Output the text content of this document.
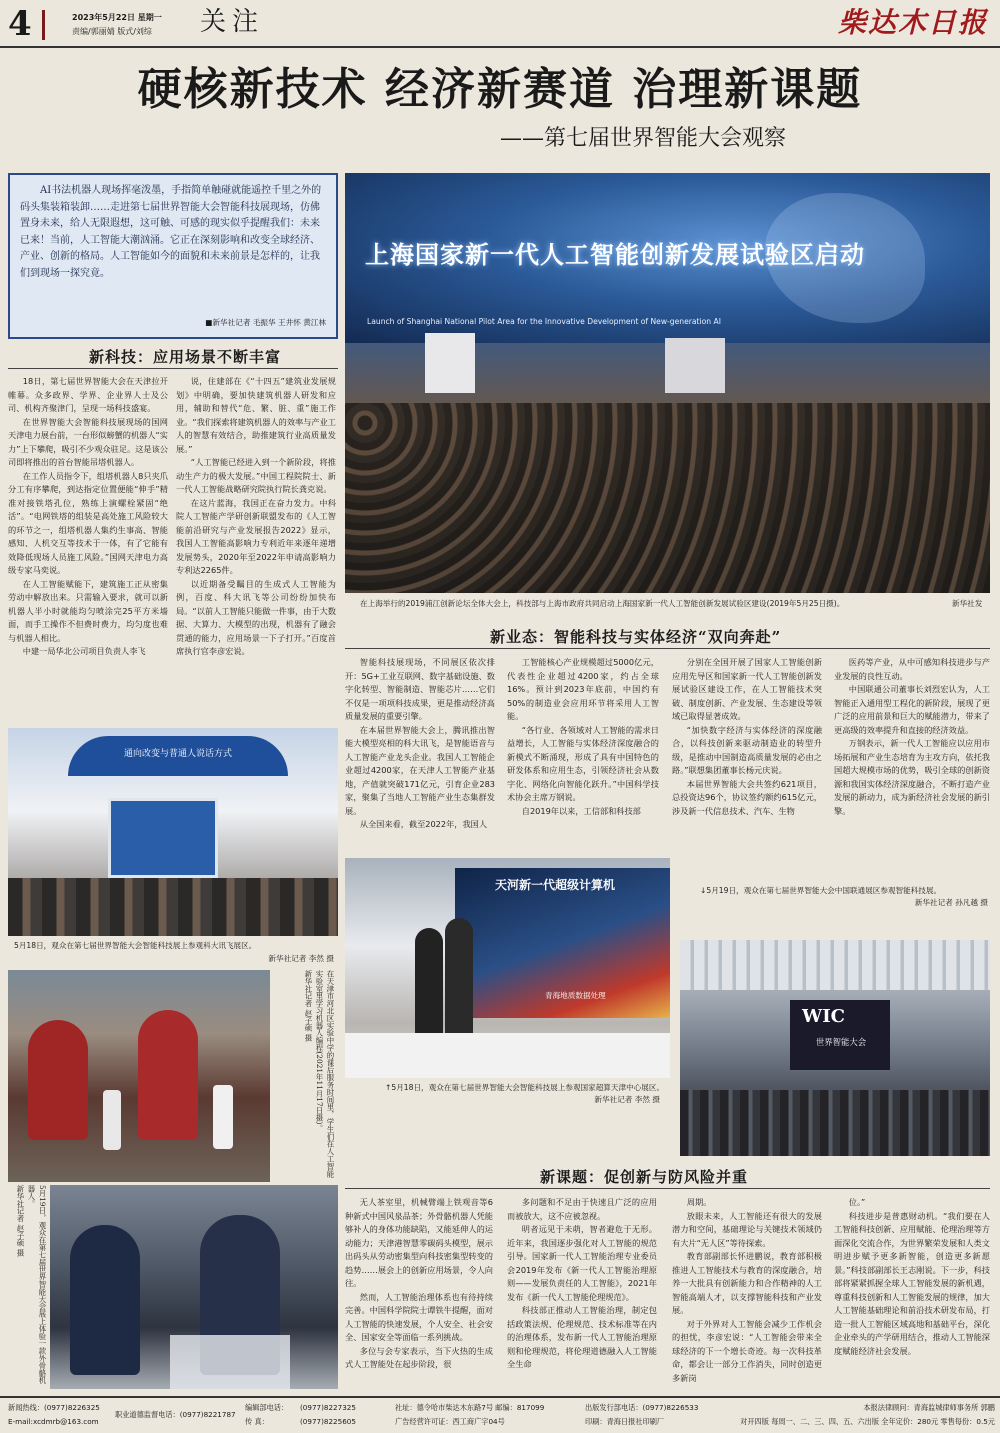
4	2023年5月22日 星期一
责编/郭丽婧 版式/刘综 关注	柴达木日报
硬核新技术 经济新赛道 治理新课题
——第七届世界智能大会观察
AI书法机器人现场挥毫泼墨，手指简单触碰就能遥控千里之外的码头集装箱装卸……走进第七届世界智能大会智能科技展现场，仿佛置身未来，给人无限遐想，这可触、可感的现实似乎提醒我们：未来已来！当前，人工智能大潮汹涌。它正在深刻影响和改变全球经济、产业、创新的格局。人工智能如今的面貌和未来前景是怎样的，让我们到现场一探究竟。
■新华社记者 毛振华 王井怀 黄江林
上海国家新一代人工智能创新发展试验区启动
Launch of Shanghai National Pilot Area for the Innovative Development of New-generation AI
在上海举行的2019浦江创新论坛全体大会上，科技部与上海市政府共同启动上海国家新一代人工智能创新发展试验区建设(2019年5月25日摄)。	新华社发
新科技：应用场景不断丰富

18日，第七届世界智能大会在天津拉开帷幕。众多政界、学界、企业界人士及公司、机构齐聚津门，呈现一场科技盛宴。

在世界智能大会智能科技展现场的国网天津电力展台前，一台形似螃蟹的机器人“实力”上下攀爬，吸引不少观众驻足。这是该公司即将推出的首台智能吊塔机器人。

在工作人员指令下，组塔机器人8只夹爪分工有序攀爬，到达指定位置便能“伸手”精准对接铁塔孔位，熟练上演螺栓紧固“绝活”。“电网铁塔的组装是高处施工风险较大的环节之一，组塔机器人集约生事高、智能感知、人机交互等技术于一体，有了它能有效降低现场人员施工风险。”国网天津电力高级专家马奕说。

在人工智能赋能下，建筑施工正从密集劳动中解放出来。只需输入要求，就可以新机器人半小时就能均匀喷涂完25平方米墙面，而手工操作不但费时费力，均匀度也难与机器人相比。

中建一局华北公司项目负责人李飞

说，住建部在《“十四五”建筑业发展规划》中明确，要加快建筑机器人研发和应用，辅助和替代“危、繁、脏、重”施工作业。“我们探索将建筑机器人的效率与产业工人的智慧有效结合，助推建筑行业高质量发展。”

“人工智能已经进入到一个新阶段，将推动生产力的极大发展。”中国工程院院士、新一代人工智能战略研究院执行院长龚克说。

在这片蓝海，我国正在奋力发力。中科院人工智能产学研创新联盟发布的《人工智能前沿研究与产业发展报告2022》显示，我国人工智能高影响力专利近年来逐年递增发展势头，2020年至2022年申请高影响力专利达2265件。

以近期备受瞩目的生成式人工智能为例，百度、科大讯飞等公司纷纷加快布局。“以前人工智能只能做一件事，由于大数据、大算力、大模型的出现，机器有了融会贯通的能力，应用场景一下子打开。”百度首席执行官李彦宏说。

通向改变与普通人说话方式
5月18日，观众在第七届世界智能大会智能科技展上参观科大讯飞展区。
新华社记者 李然 摄
在天津市河北区实验中学的课后服务时间里，学生们在人工智能实验室里学习机器人编程(2021年11月17日摄)。
新华社记者 赵子硕 摄
5月19日，观众在第七届世界智能大会展上体验一款外骨骼机器人。
新华社记者 赵子硕 摄
新业态：智能科技与实体经济“双向奔赴”

智能科技展现场，不同展区依次排开：5G+工业互联网、数字基础设施、数字化转型、智能制造、智能芯片……它们不仅是一项项科技成果，更是推动经济高质量发展的重要引擎。

在本届世界智能大会上，腾讯推出智能大模型亮相的科大讯飞，是智能语音与人工智能产业龙头企业。我国人工智能企业超过4200家，在天津人工智能产业基地，产值就突破171亿元，引育企业283家，聚集了当地人工智能产业生态集群发展。

从全国来看，截至2022年，我国人

工智能核心产业规模超过5000亿元，代表性企业超过4200家，约占全球16%。预计到2023年底前，中国约有50%的制造业会应用环节将采用人工智能。

“各行业、各领域对人工智能的需求日益增长，人工智能与实体经济深度融合的新模式不断涌现，形成了具有中国特色的研发体系和应用生态，引领经济社会从数字化、网络化向智能化跃升。”中国科学技术协会主席万钢说。

自2019年以来，工信部和科技部

分别在全国开展了国家人工智能创新应用先导区和国家新一代人工智能创新发展试验区建设工作，在人工智能技术突破、制度创新、产业发展、生态建设等领域已取得显著成效。

“加快数字经济与实体经济的深度融合，以科技创新来驱动制造业的转型升级，是推动中国制造高质量发展的必由之路。”联想集团董事长杨元庆说。

本届世界智能大会共签约621项目，总投资达96个，协议签约额约615亿元，涉及新一代信息技术、汽车、生物

医药等产业，从中可感知科技进步与产业发展的良性互动。

中国联通公司董事长刘烈宏认为，人工智能正入通用型工程化的新阶段，展现了更广泛的应用前景和巨大的赋能潜力，带来了更高级的效率提升和直接的经济效益。

万钢表示，新一代人工智能应以应用市场拓展和产业生态培育为主攻方向，依托我国超大规模市场的优势，吸引全球的创新资源和我国实体经济深度融合，不断打造产业发展的新动力，成为新经济社会发展的新引擎。

天河新一代超级计算机
青海地质数据处理
↑5月18日，观众在第七届世界智能大会智能科技展上参观国家超算天津中心展区。
新华社记者 李然 摄
↓5月19日，观众在第七届世界智能大会中国联通展区参观智能科技展。
新华社记者 孙凡越 摄
WIC
世界智能大会
新课题：促创新与防风险并重

无人茶室里，机械臂端上铁观音等6种新式中国风泉品茶；外骨骼机器人凭能够补人的身体功能缺陷，又能延伸人的运动能力；天津港智慧零碳码头模型，展示出码头从劳动密集型向科技密集型转变的趋势……展会上的创新应用场景，令人向往。

然而，人工智能治理体系也有待持续完善。中国科学院院士谭铁牛提醒，面对人工智能的快速发展，个人安全、社会安全、国家安全等面临一系列挑战。

多位与会专家表示，当下火热的生成式人工智能处在起步阶段，很

多问题和不足由于快速且广泛的应用而被放大，这不应被忽视。

明者远见于未萌，智者避危于无形。近年来，我国逐步强化对人工智能的规范引导。国家新一代人工智能治理专业委员会2019年发布《新一代人工智能治理原则——发展负责任的人工智能》，2021年发布《新一代人工智能伦理规范》。

科技部正推动人工智能治理，制定包括政策法规、伦理规范、技术标准等在内的治理体系，发布新一代人工智能治理原则和伦理规范，将伦理道德融入人工智能全生命

周期。

放眼未来，人工智能还有很大的发展潜力和空间，基础理论与关键技术领域仍有大片“无人区”等待探索。

教育部副部长怀进鹏说，教育部积极推进人工智能技术与教育的深度融合，培养一大批具有创新能力和合作精神的人工智能高端人才，以支撑智能科技和产业发展。

对于外界对人工智能会减少工作机会的担忧，李彦宏说：“人工智能会带来全球经济的下一个增长奇迹。每一次科技革命，都会让一部分工作消失，同时创造更多新岗

位。”

科技进步是普惠财动机。“我们要在人工智能科技创新、应用赋能、伦理治理等方面深化交流合作，为世界繁荣发展和人类文明进步赋予更多新智能，创造更多新愿景。”科技部副部长王志刚说。下一步，科技部将紧紧抓握全球人工智能发展的新机遇，尊重科技创新和人工智能发展的规律，加大人工智能基础理论和前沿技术研发布局，打造一批人工智能区域高地和基础平台，深化企业牵头的产学研用结合，推动人工智能深度赋能经济社会发展。

新闻热线：(0977)8226325
E-mail:xcdmrb@163.com
职业道德监督电话：(0977)8221787
编辑部电话： (0977)8227325
传 真：	(0977)8225605
社址：德令哈市柴达木东路7号 邮编：817099
广告经营许可证：西工商广字04号
出版发行部电话：(0977)8226533
印刷：青海日报社印刷厂
本报法律顾问：青海监城律师事务所 郭鹏
对开四版 每周一、二、三、四、五、六出版 全年定价：280元 零售每份：0.5元
